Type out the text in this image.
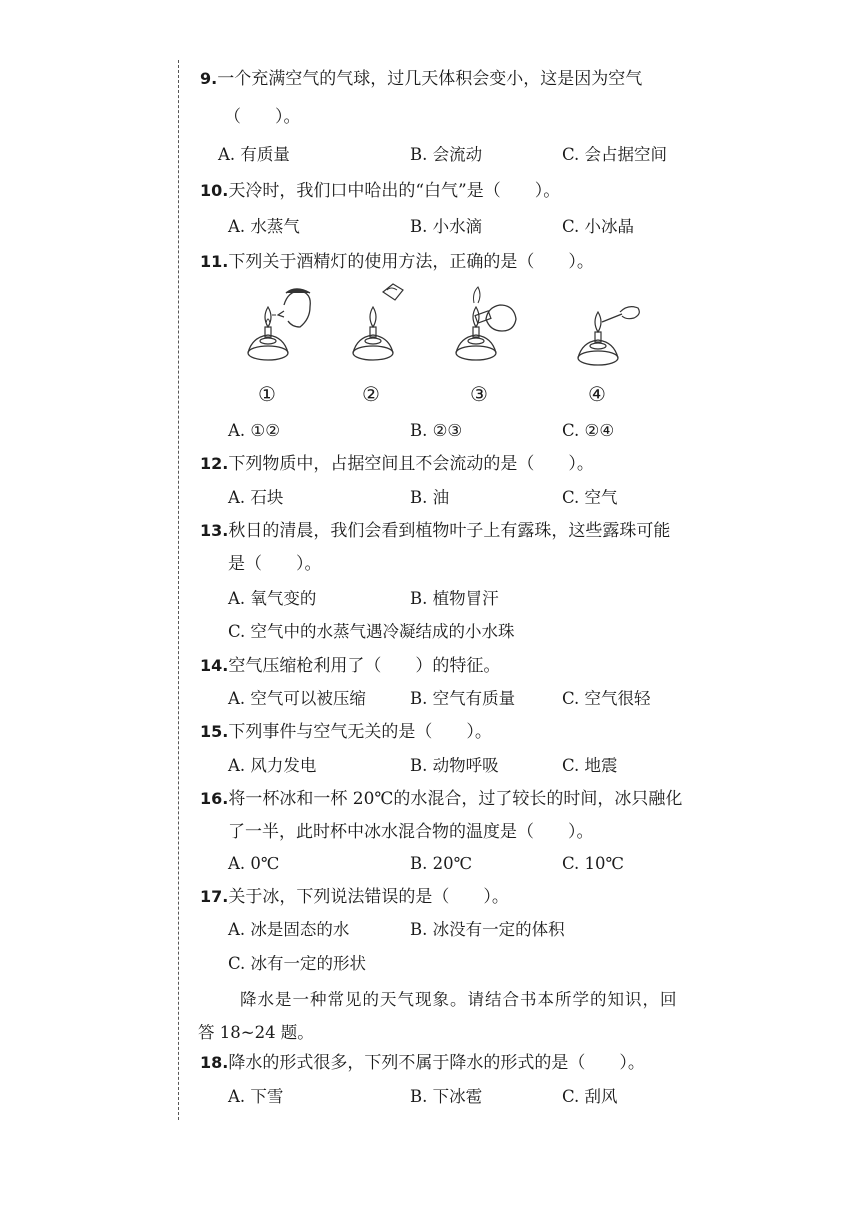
9.一个充满空气的气球，过几天体积会变小，这是因为空气
（　　）。
A. 有质量	B. 会流动	C. 会占据空间
10.天冷时，我们口中哈出的“白气”是（　　）。
A. 水蒸气	B. 小水滴	C. 小冰晶
11.下列关于酒精灯的使用方法，正确的是（　　）。
①	②	③	④
A. ①②	B. ②③	C. ②④
12.下列物质中，占据空间且不会流动的是（　　）。
A. 石块	B. 油	C. 空气
13.秋日的清晨，我们会看到植物叶子上有露珠，这些露珠可能
是（　　）。
A. 氧气变的	B. 植物冒汗
C. 空气中的水蒸气遇冷凝结成的小水珠
14.空气压缩枪利用了（　　）的特征。
A. 空气可以被压缩	B. 空气有质量	C. 空气很轻
15.下列事件与空气无关的是（　　）。
A. 风力发电	B. 动物呼吸	C. 地震
16.将一杯冰和一杯 20℃的水混合，过了较长的时间，冰只融化
了一半，此时杯中冰水混合物的温度是（　　）。
A. 0℃	B. 20℃	C. 10℃
17.关于冰，下列说法错误的是（　　）。
A. 冰是固态的水	B. 冰没有一定的体积
C. 冰有一定的形状
降水是一种常见的天气现象。请结合书本所学的知识，回
答 18~24 题。
18.降水的形式很多，下列不属于降水的形式的是（　　）。
A. 下雪	B. 下冰雹	C. 刮风
